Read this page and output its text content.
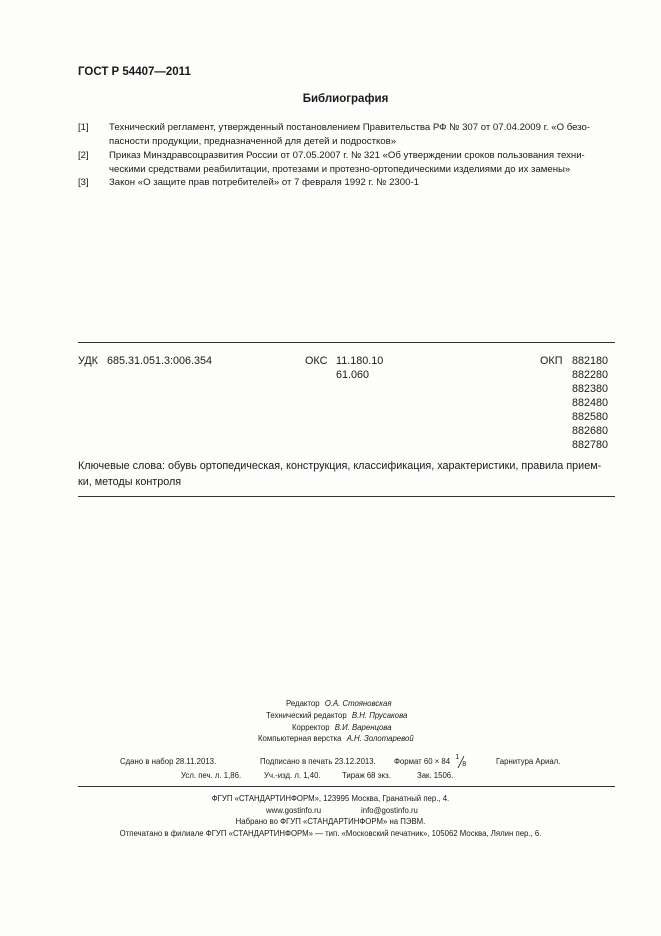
ГОСТ Р 54407—2011
Библиография
[1] Технический регламент, утвержденный постановлением Правительства РФ № 307 от 07.04.2009 г. «О безо-
пасности продукции, предназначенной для детей и подростков»
[2] Приказ Минздравсоцразвития России от 07.05.2007 г. № 321 «Об утверждении сроков пользования техни-
ческими средствами реабилитации, протезами и протезно-ортопедическими изделиями до их замены»
[3] Закон «О защите прав потребителей» от 7 февраля 1992 г. № 2300-1
УДК 685.31.051.3:006.354	ОКС 11.180.10
61.060
ОКП 882180
882280
882380
882480
882580
882680
882780
Ключевые слова: обувь ортопедическая, конструкция, классификация, характеристики, правила прием-
ки, методы контроля
Редактор О.А. Стояновская
Технический редактор В.Н. Прусакова
Корректор В.И. Варенцова
Компьютерная верстка А.Н. Золотаревой
Сдано в набор 28.11.2013.	Подписано в печать 23.12.2013. Формат 60 × 84 1
8	Гарнитура Ариал.
Усл. печ. л. 1,86.	Уч.-изд. л. 1,40.	Тираж 68 экз.	Зак. 1506.
ФГУП «СТАНДАРТИНФОРМ», 123995 Москва, Гранатный пер., 4.
www.gostinfo.ru	info@gostinfo.ru
Набрано во ФГУП «СТАНДАРТИНФОРМ» на ПЭВМ.
Отпечатано в филиале ФГУП «СТАНДАРТИНФОРМ» — тип. «Московский печатник», 105062 Москва, Лялин пер., 6.
